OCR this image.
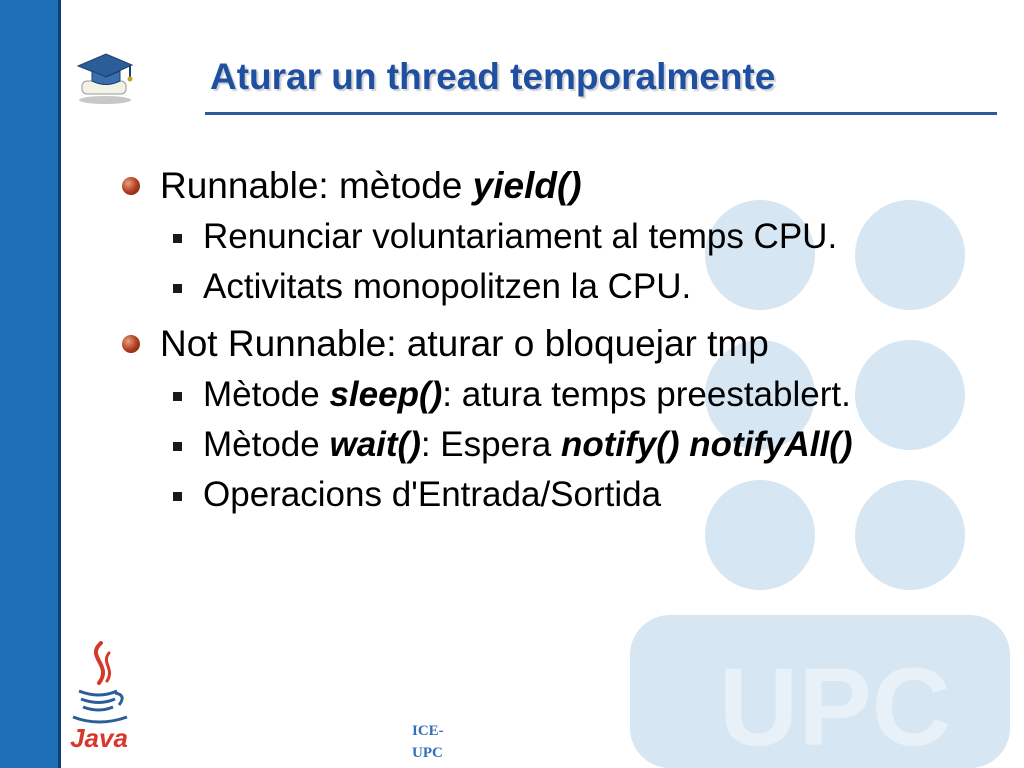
UPC
Aturar un thread temporalmente
Runnable: mètode yield()
Renunciar voluntariament al temps CPU.
Activitats monopolitzen la CPU.
Not Runnable: aturar o bloquejar tmp
Mètode sleep(): atura temps preestablert.
Mètode wait(): Espera notify() notifyAll()
Operacions d'Entrada/Sortida
Java	ICE-
UPC
